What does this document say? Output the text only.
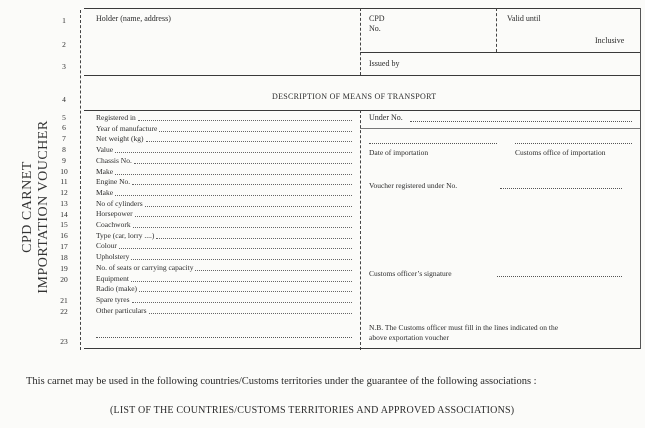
CPD CARNET IMPORTATION VOUCHER
1
2
3
4
5
6
7
8
9
10
11
12
13
14
15
16
17
18
19
20
21
22
23
Holder (name, address)	CPD
No.
Valid until
Inclusive
Issued by
DESCRIPTION OF MEANS OF TRANSPORT
Registered in
Year of manufacture
Net weight (kg)
Value
Chassis No.
Make
Engine No.
Make
No of cylinders
Horsepower
Coachwork
Type (car, lorry ....)
Colour
Upholstery
No. of seats or carrying capacity
Equipment
Radio (make)
Spare tyres
Other particulars
Under No.
Date of importation	Customs office of importation
Voucher registered under No.
Customs officer’s signature
N.B. The Customs officer must fill in the lines indicated on the
above exportation voucher
This carnet may be used in the following countries/Customs territories under the guarantee of the following associations :
(LIST OF THE COUNTRIES/CUSTOMS TERRITORIES AND APPROVED ASSOCIATIONS)
